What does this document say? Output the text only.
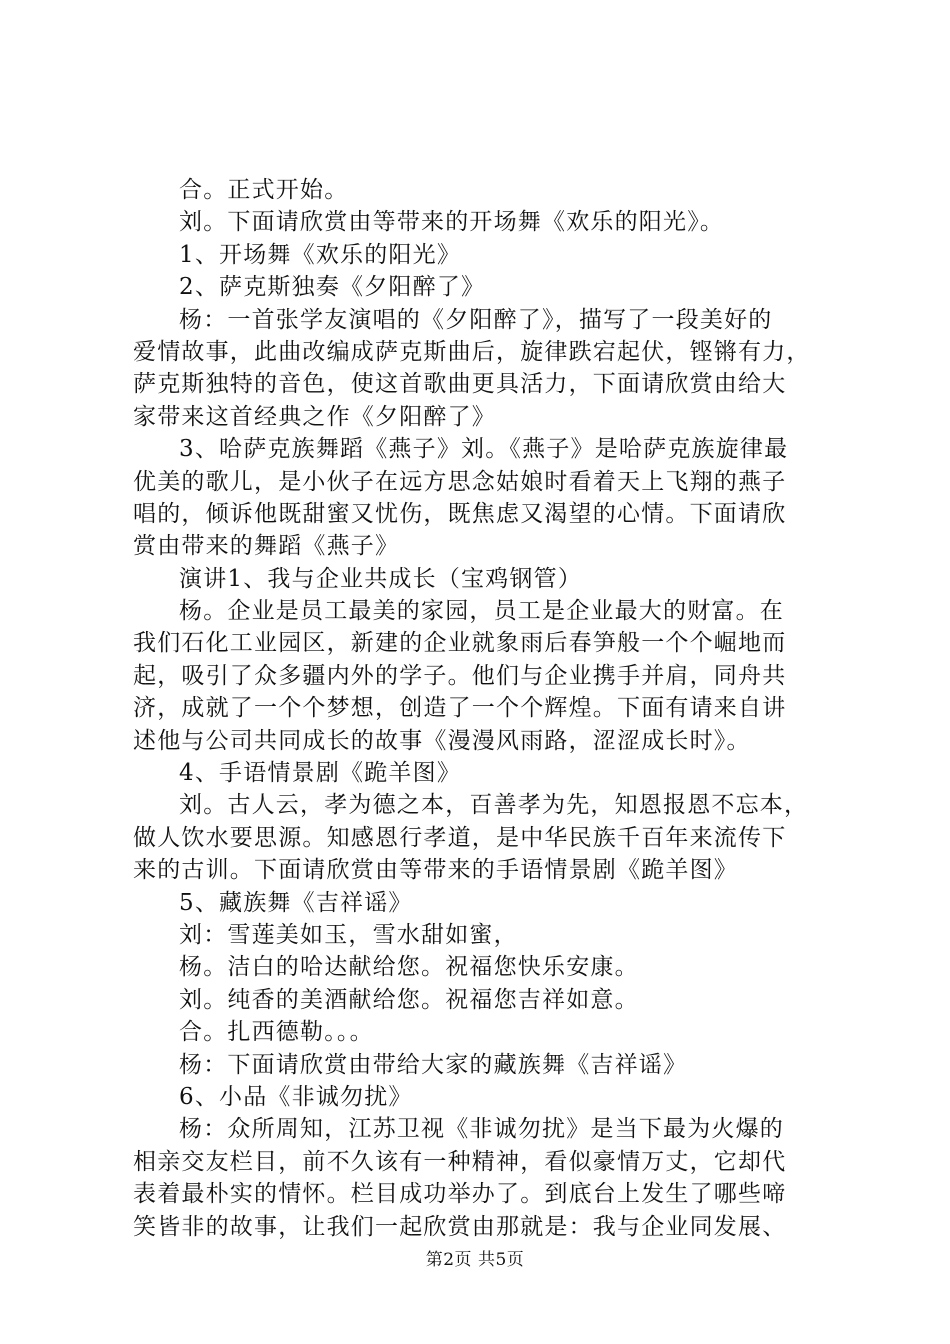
合。正式开始。
刘。下面请欣赏由等带来的开场舞《欢乐的阳光》。
1、开场舞《欢乐的阳光》
2、萨克斯独奏《夕阳醉了》
杨：一首张学友演唱的《夕阳醉了》，描写了一段美好的
爱情故事，此曲改编成萨克斯曲后，旋律跌宕起伏，铿锵有力，
萨克斯独特的音色，使这首歌曲更具活力，下面请欣赏由给大
家带来这首经典之作《夕阳醉了》
3、哈萨克族舞蹈《燕子》刘。《燕子》是哈萨克族旋律最
优美的歌儿，是小伙子在远方思念姑娘时看着天上飞翔的燕子
唱的，倾诉他既甜蜜又忧伤，既焦虑又渴望的心情。下面请欣
赏由带来的舞蹈《燕子》
演讲1、我与企业共成长（宝鸡钢管）
杨。企业是员工最美的家园，员工是企业最大的财富。在
我们石化工业园区，新建的企业就象雨后春笋般一个个崛地而
起，吸引了众多疆内外的学子。他们与企业携手并肩，同舟共
济，成就了一个个梦想，创造了一个个辉煌。下面有请来自讲
述他与公司共同成长的故事《漫漫风雨路，涩涩成长时》。
4、手语情景剧《跪羊图》
刘。古人云，孝为德之本，百善孝为先，知恩报恩不忘本，
做人饮水要思源。知感恩行孝道，是中华民族千百年来流传下
来的古训。下面请欣赏由等带来的手语情景剧《跪羊图》
5、藏族舞《吉祥谣》
刘：雪莲美如玉，雪水甜如蜜，
杨。洁白的哈达献给您。祝福您快乐安康。
刘。纯香的美酒献给您。祝福您吉祥如意。
合。扎西德勒。。。
杨：下面请欣赏由带给大家的藏族舞《吉祥谣》
6、小品《非诚勿扰》
杨：众所周知，江苏卫视《非诚勿扰》是当下最为火爆的
相亲交友栏目，前不久该有一种精神，看似豪情万丈，它却代
表着最朴实的情怀。栏目成功举办了。到底台上发生了哪些啼
笑皆非的故事，让我们一起欣赏由那就是：我与企业同发展、
第2页 共5页
